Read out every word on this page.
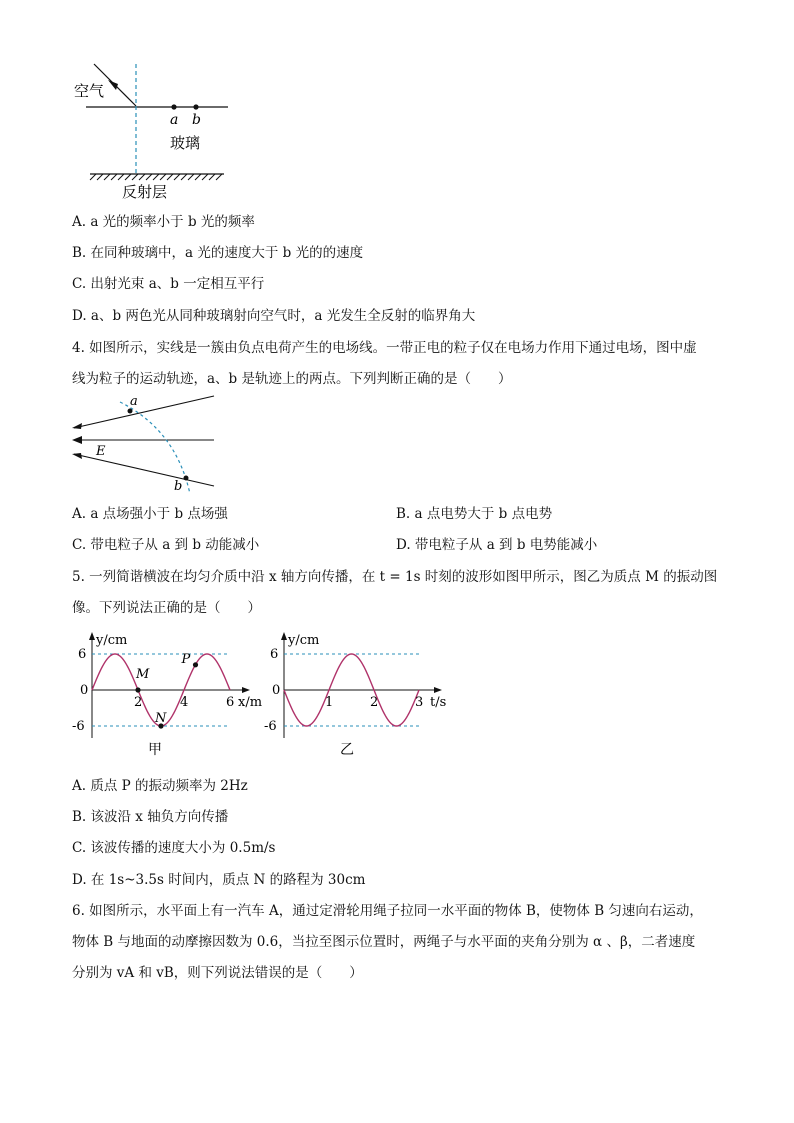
空气
a b
玻璃
反射层
A. a 光的频率小于 b 光的频率
B. 在同种玻璃中，a 光的速度大于 b 光的的速度
C. 出射光束 a、b 一定相互平行
D. a、b 两色光从同种玻璃射向空气时，a 光发生全反射的临界角大
4. 如图所示，实线是一簇由负点电荷产生的电场线。一带正电的粒子仅在电场力作用下通过电场，图中虚
线为粒子的运动轨迹，a、b 是轨迹上的两点。下列判断正确的是（　　）
a
b
E
A. a 点场强小于 b 点场强	B. a 点电势大于 b 点电势
C. 带电粒子从 a 到 b 动能减小	D. 带电粒子从 a 到 b 电势能减小
5. 一列简谐横波在均匀介质中沿 x 轴方向传播，在 t = 1s 时刻的波形如图甲所示，图乙为质点 M 的振动图
像。下列说法正确的是（　　）
y/cm
x/m
0
6
-6
2	4	6
M
N
P
甲
y/cm
t/s
0
6
-6
1	2	3
乙
A. 质点 P 的振动频率为 2Hz
B. 该波沿 x 轴负方向传播
C. 该波传播的速度大小为 0.5m/s
D. 在 1s~3.5s 时间内，质点 N 的路程为 30cm
6. 如图所示，水平面上有一汽车 A，通过定滑轮用绳子拉同一水平面的物体 B，使物体 B 匀速向右运动，
物体 B 与地面的动摩擦因数为 0.6，当拉至图示位置时，两绳子与水平面的夹角分别为 α 、β，二者速度
分别为 vA 和 vB，则下列说法错误的是（　　）
